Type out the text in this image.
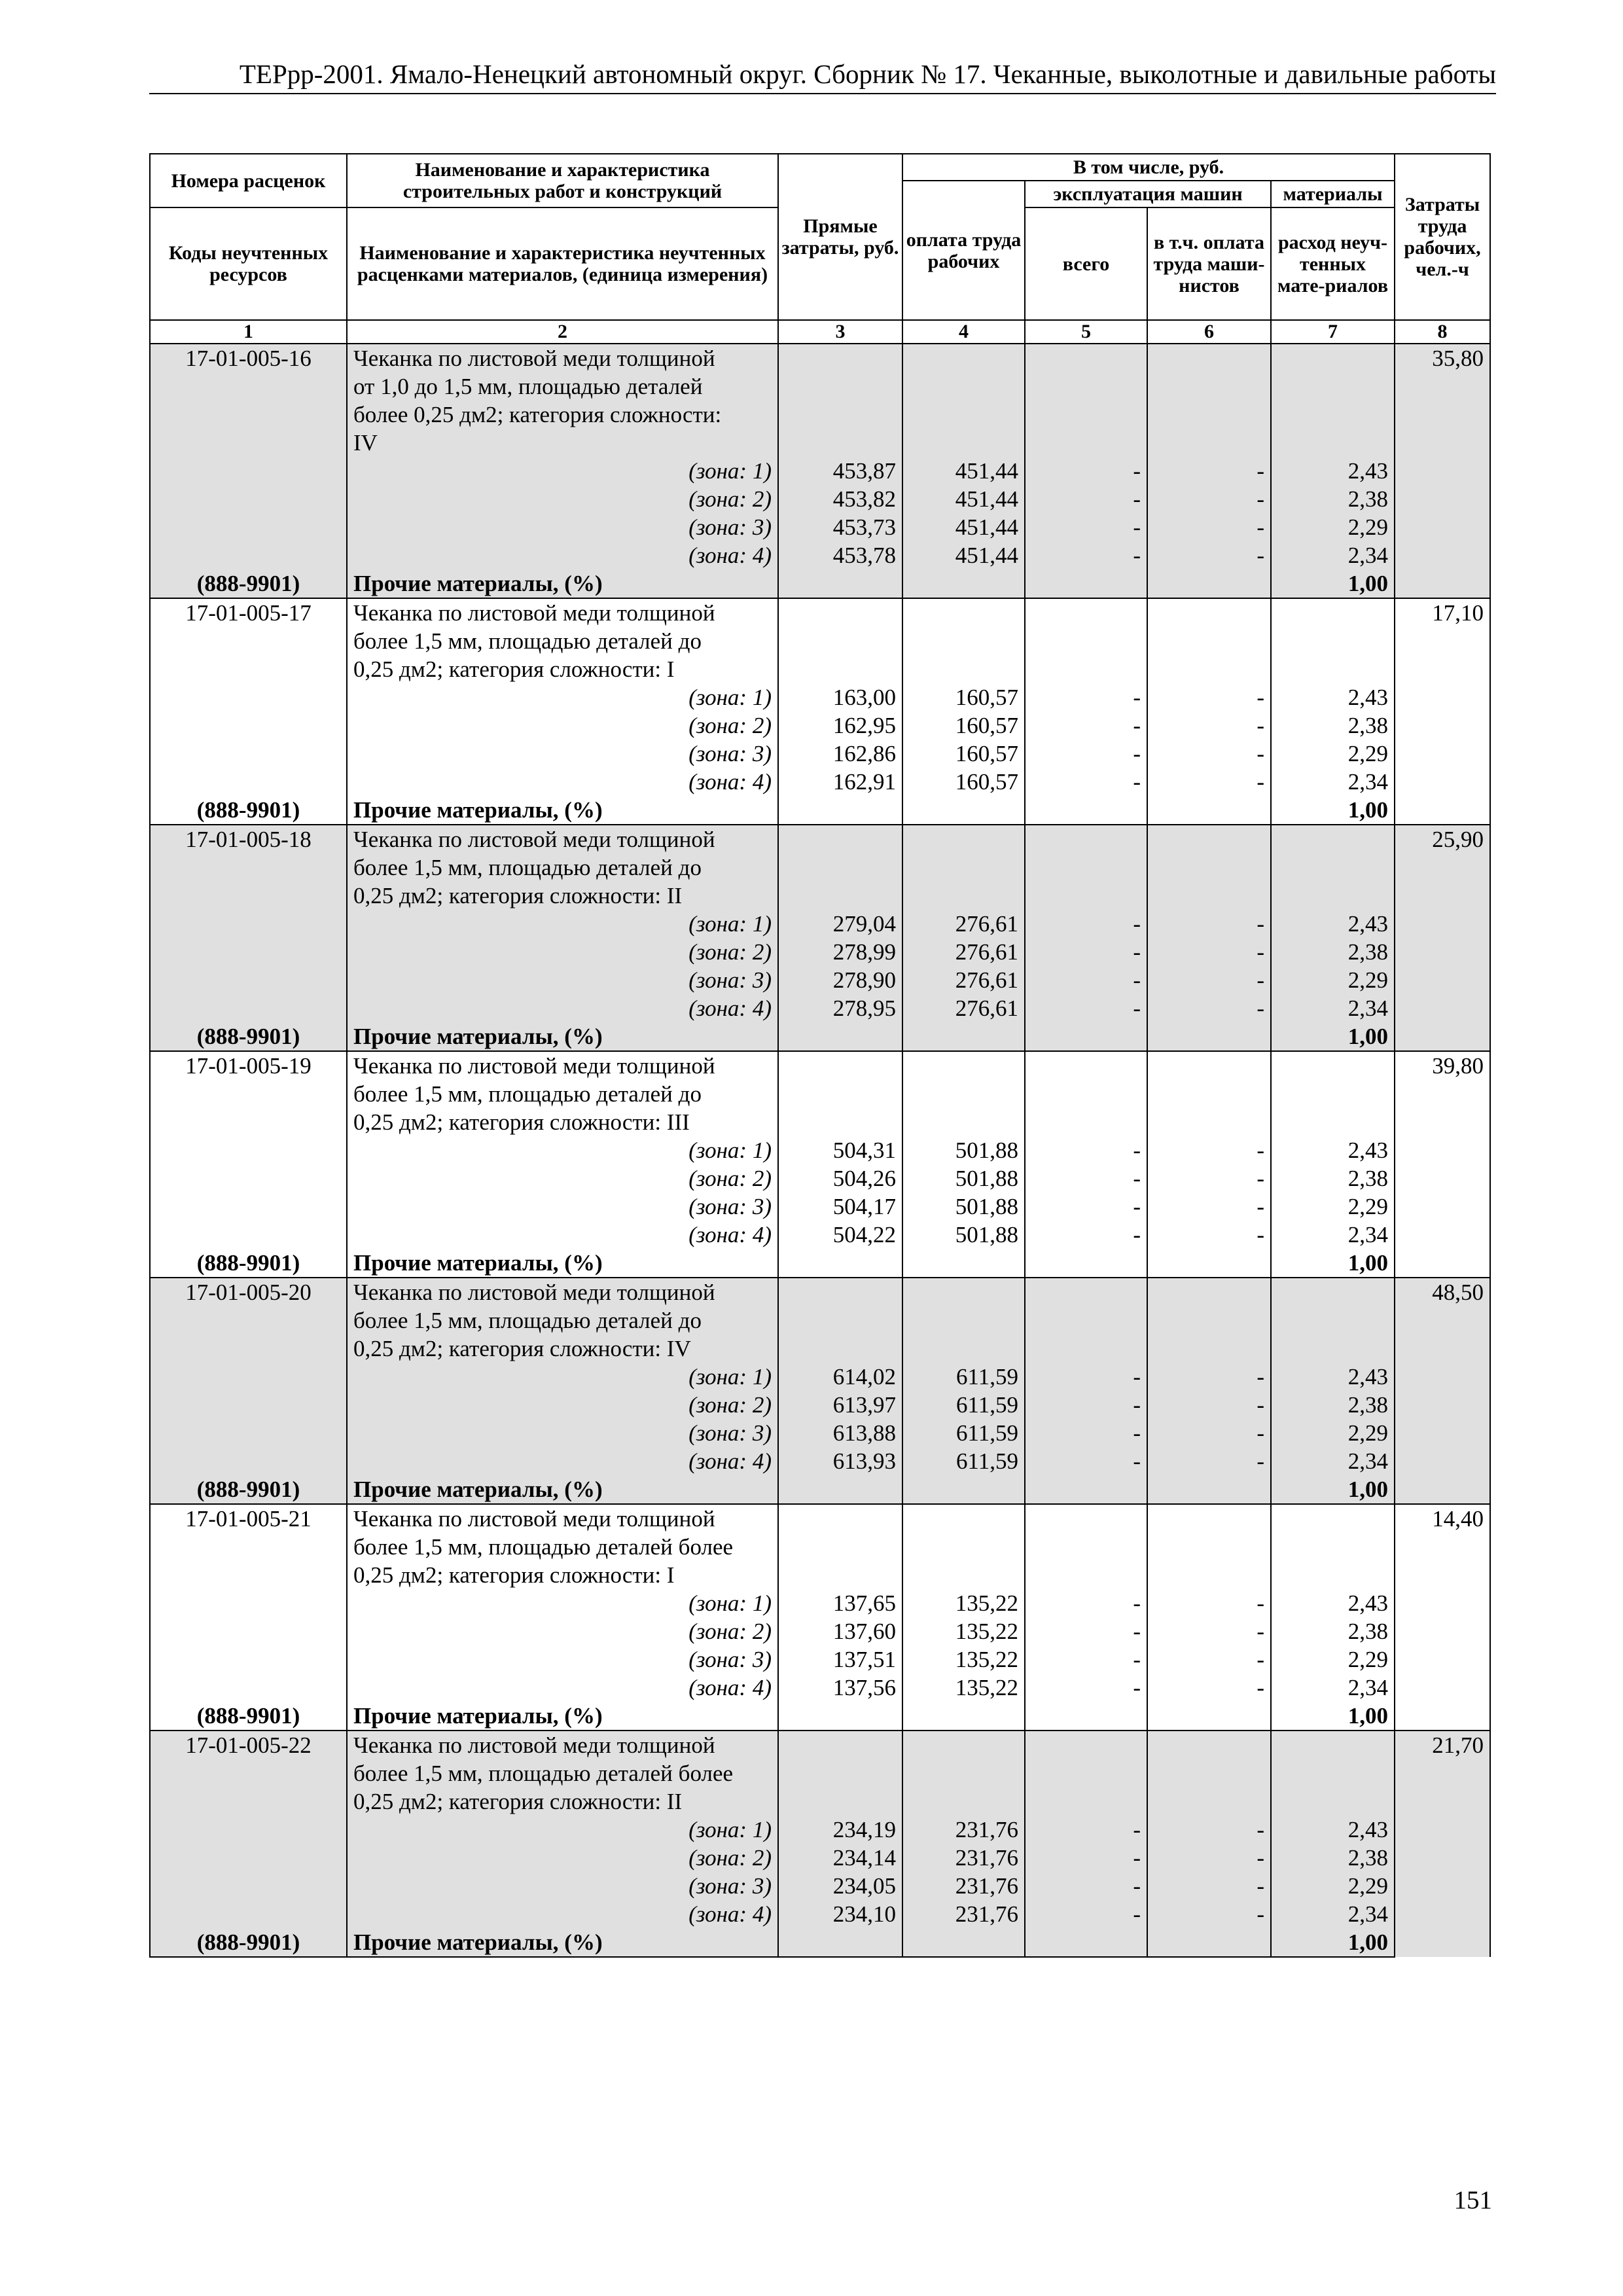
ТЕРрр-2001. Ямало-Ненецкий автономный округ. Сборник № 17. Чеканные, выколотные и давильные работы
Номера расценок	Наименование и характеристика строительных работ и конструкций	Прямые затраты, руб.	В том числе, руб.				Затраты труда рабочих, чел.-ч
			оплата труда рабочих	эксплуатация машин		материалы	
Коды неучтенных ресурсов	Наименование и характеристика неучтенных расценками материалов, (единица измерения)			всего	в т.ч. оплата труда маши-нистов	расход неуч-тенных мате-риалов	

1	2	3	4	5	6	7	8
17-01-005-16	Чеканка по листовой меди толщиной
от 1,0 до 1,5 мм, площадью деталей
более 0,25 дм2; категория сложности:
IV						35,80

	(зона: 1)	453,87	451,44	-	-	2,43	
	(зона: 2)	453,82	451,44	-	-	2,38	
	(зона: 3)	453,73	451,44	-	-	2,29	
	(зона: 4)	453,78	451,44	-	-	2,34	
(888-9901)	Прочие материалы, (%)					1,00	
17-01-005-17	Чеканка по листовой меди толщиной
более 1,5 мм, площадью деталей до
0,25 дм2; категория сложности: I						17,10

	(зона: 1)	163,00	160,57	-	-	2,43	
	(зона: 2)	162,95	160,57	-	-	2,38	
	(зона: 3)	162,86	160,57	-	-	2,29	
	(зона: 4)	162,91	160,57	-	-	2,34	
(888-9901)	Прочие материалы, (%)					1,00	
17-01-005-18	Чеканка по листовой меди толщиной
более 1,5 мм, площадью деталей до
0,25 дм2; категория сложности: II						25,90

	(зона: 1)	279,04	276,61	-	-	2,43	
	(зона: 2)	278,99	276,61	-	-	2,38	
	(зона: 3)	278,90	276,61	-	-	2,29	
	(зона: 4)	278,95	276,61	-	-	2,34	
(888-9901)	Прочие материалы, (%)					1,00	
17-01-005-19	Чеканка по листовой меди толщиной
более 1,5 мм, площадью деталей до
0,25 дм2; категория сложности: III						39,80

	(зона: 1)	504,31	501,88	-	-	2,43	
	(зона: 2)	504,26	501,88	-	-	2,38	
	(зона: 3)	504,17	501,88	-	-	2,29	
	(зона: 4)	504,22	501,88	-	-	2,34	
(888-9901)	Прочие материалы, (%)					1,00	
17-01-005-20	Чеканка по листовой меди толщиной
более 1,5 мм, площадью деталей до
0,25 дм2; категория сложности: IV						48,50

	(зона: 1)	614,02	611,59	-	-	2,43	
	(зона: 2)	613,97	611,59	-	-	2,38	
	(зона: 3)	613,88	611,59	-	-	2,29	
	(зона: 4)	613,93	611,59	-	-	2,34	
(888-9901)	Прочие материалы, (%)					1,00	
17-01-005-21	Чеканка по листовой меди толщиной
более 1,5 мм, площадью деталей более
0,25 дм2; категория сложности: I						14,40

	(зона: 1)	137,65	135,22	-	-	2,43	
	(зона: 2)	137,60	135,22	-	-	2,38	
	(зона: 3)	137,51	135,22	-	-	2,29	
	(зона: 4)	137,56	135,22	-	-	2,34	
(888-9901)	Прочие материалы, (%)					1,00	
17-01-005-22	Чеканка по листовой меди толщиной
более 1,5 мм, площадью деталей более
0,25 дм2; категория сложности: II						21,70

	(зона: 1)	234,19	231,76	-	-	2,43	
	(зона: 2)	234,14	231,76	-	-	2,38	
	(зона: 3)	234,05	231,76	-	-	2,29	
	(зона: 4)	234,10	231,76	-	-	2,34	
(888-9901)	Прочие материалы, (%)					1,00	
151
